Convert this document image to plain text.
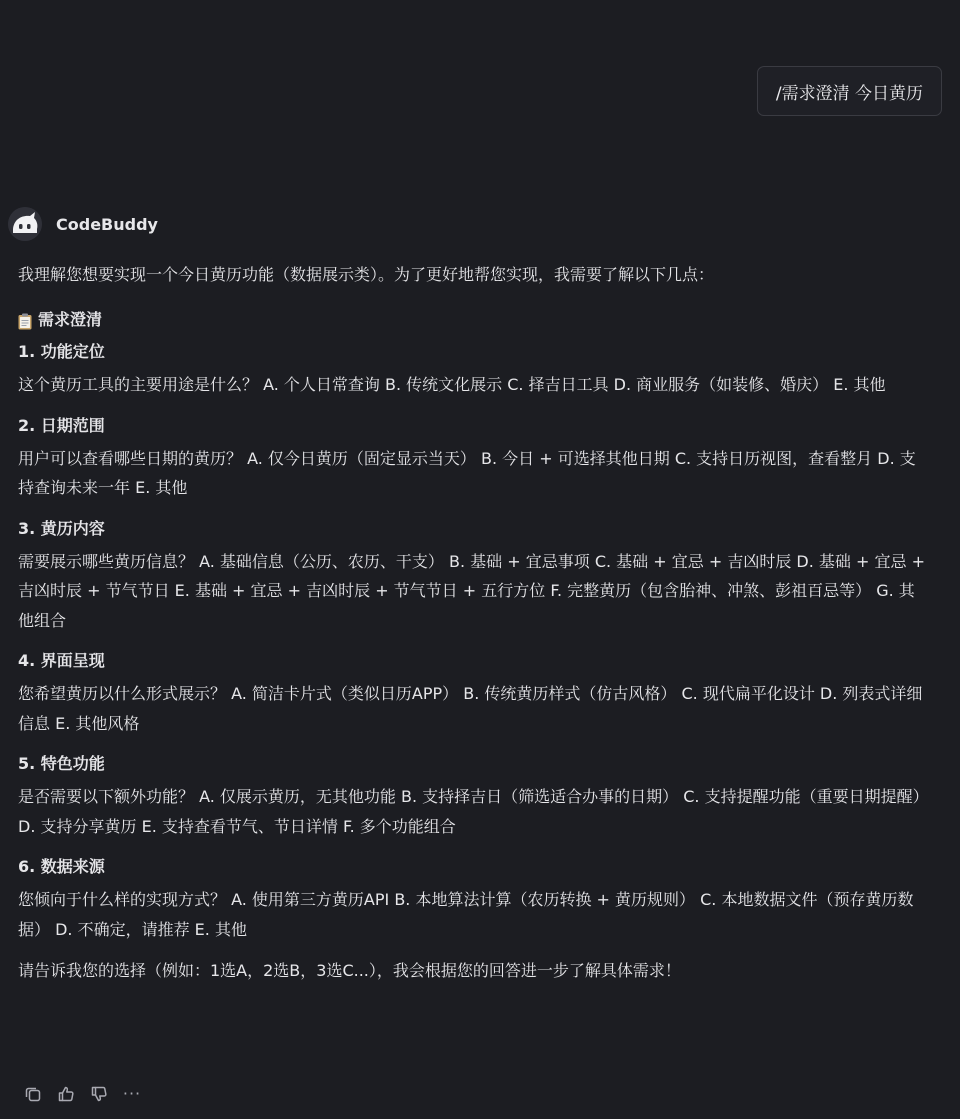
/需求澄清 今日黄历
CodeBuddy
我理解您想要实现一个今日黄历功能（数据展示类）。为了更好地帮您实现，我需要了解以下几点：
需求澄清
1. 功能定位
这个黄历工具的主要用途是什么？ A. 个人日常查询 B. 传统文化展示 C. 择吉日工具 D. 商业服务（如装修、婚庆） E. 其他
2. 日期范围
用户可以查看哪些日期的黄历？ A. 仅今日黄历（固定显示当天） B. 今日 + 可选择其他日期 C. 支持日历视图，查看整月 D. 支持查询未来一年 E. 其他
3. 黄历内容
需要展示哪些黄历信息？ A. 基础信息（公历、农历、干支） B. 基础 + 宜忌事项 C. 基础 + 宜忌 + 吉凶时辰 D. 基础 + 宜忌 + 吉凶时辰 + 节气节日 E. 基础 + 宜忌 + 吉凶时辰 + 节气节日 + 五行方位 F. 完整黄历（包含胎神、冲煞、彭祖百忌等） G. 其他组合
4. 界面呈现
您希望黄历以什么形式展示？ A. 简洁卡片式（类似日历APP） B. 传统黄历样式（仿古风格） C. 现代扁平化设计 D. 列表式详细信息 E. 其他风格
5. 特色功能
是否需要以下额外功能？ A. 仅展示黄历，无其他功能 B. 支持择吉日（筛选适合办事的日期） C. 支持提醒功能（重要日期提醒） D. 支持分享黄历 E. 支持查看节气、节日详情 F. 多个功能组合
6. 数据来源
您倾向于什么样的实现方式？ A. 使用第三方黄历API B. 本地算法计算（农历转换 + 黄历规则） C. 本地数据文件（预存黄历数据） D. 不确定，请推荐 E. 其他
请告诉我您的选择（例如：1选A，2选B，3选C...），我会根据您的回答进一步了解具体需求！
···
